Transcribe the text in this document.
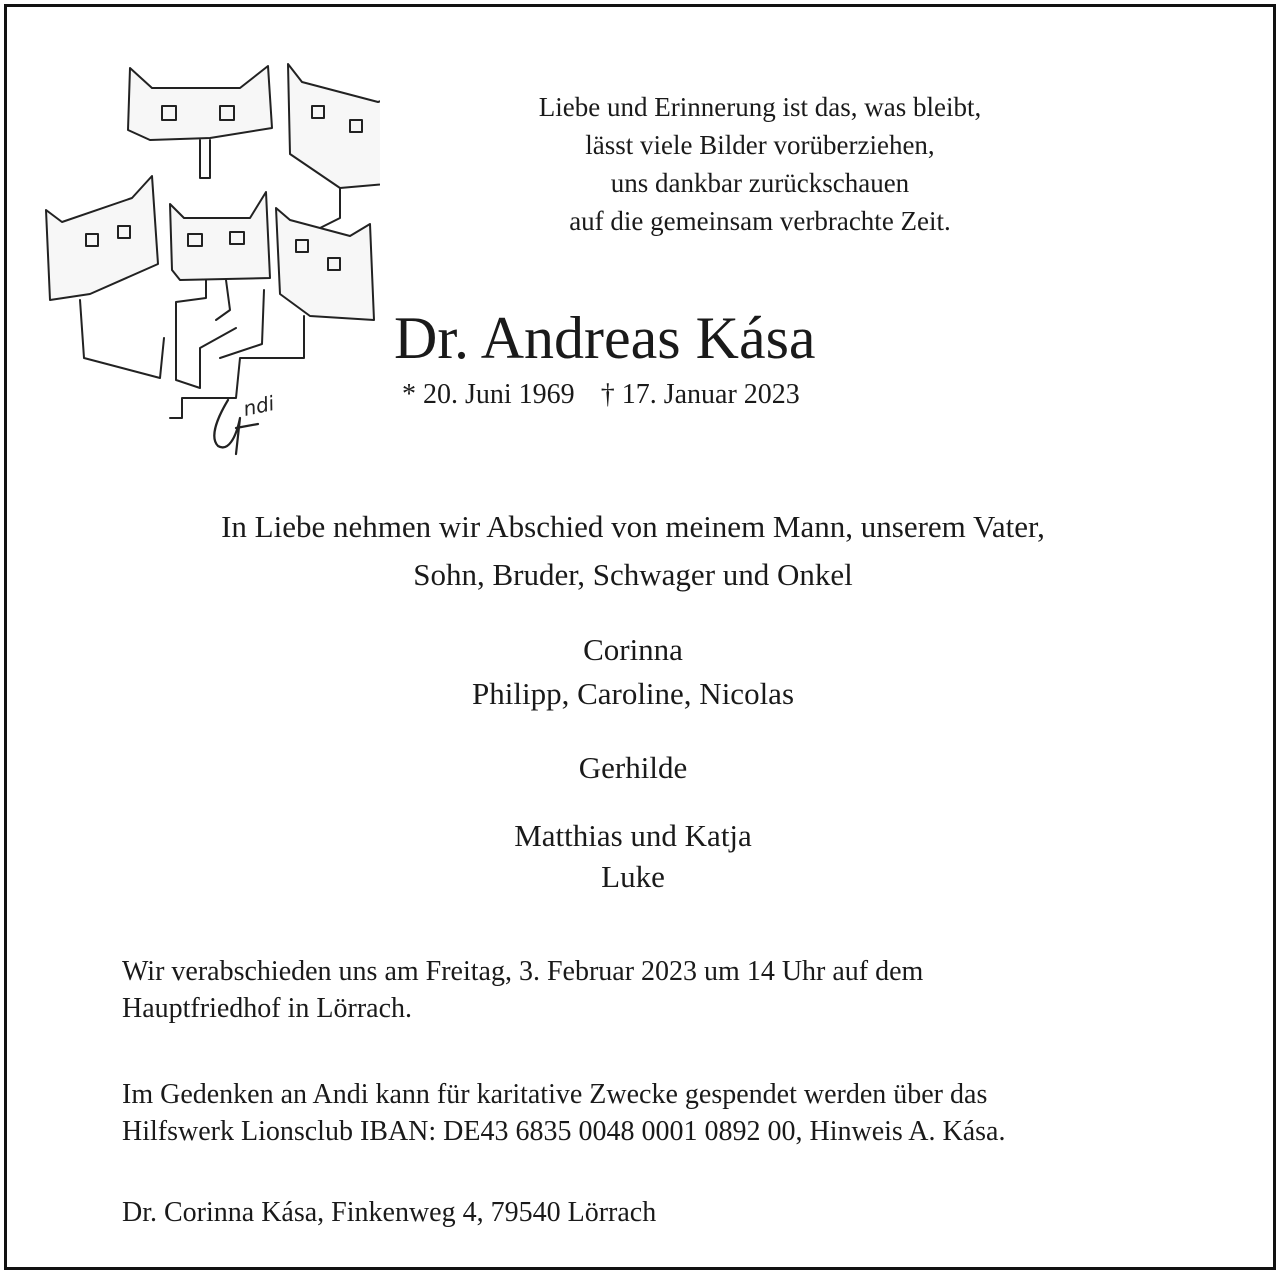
ndi
Liebe und Erinnerung ist das, was bleibt,
lässt viele Bilder vorüberziehen,
uns dankbar zurückschauen
auf die gemeinsam verbrachte Zeit.
Dr. Andreas Kása
* 20. Juni 1969 † 17. Januar 2023
In Liebe nehmen wir Abschied von meinem Mann, unserem Vater,
Sohn, Bruder, Schwager und Onkel
Corinna
Philipp, Caroline, Nicolas
Gerhilde
Matthias und Katja
Luke
Wir verabschieden uns am Freitag, 3. Februar 2023 um 14 Uhr auf dem
Hauptfriedhof in Lörrach.
Im Gedenken an Andi kann für karitative Zwecke gespendet werden über das
Hilfswerk Lionsclub IBAN: DE43 6835 0048 0001 0892 00, Hinweis A. Kása.
Dr. Corinna Kása, Finkenweg 4, 79540 Lörrach
